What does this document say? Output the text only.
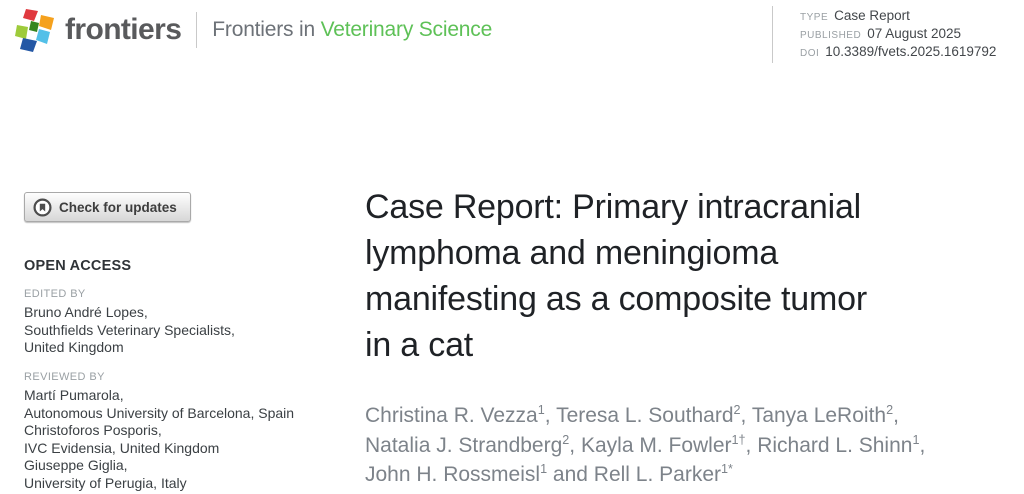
frontiers Frontiers in Veterinary Science
TYPE Case Report
PUBLISHED 07 August 2025
DOI 10.3389/fvets.2025.1619792
Check for updates
OPEN ACCESS
EDITED BY
Bruno André Lopes,
Southfields Veterinary Specialists,
United Kingdom
REVIEWED BY
Martí Pumarola,
Autonomous University of Barcelona, Spain
Christoforos Posporis,
IVC Evidensia, United Kingdom
Giuseppe Giglia,
University of Perugia, Italy
Case Report: Primary intracranial
lymphoma and meningioma
manifesting as a composite tumor
in a cat
Christina R. Vezza$^1$, Teresa L. Southard$^2$, Tanya LeRoith$^2$,
Natalia J. Strandberg$^2$, Kayla M. Fowler$^{1\dagger}$, Richard L. Shinn$^1$,
John H. Rossmeisl$^1$ and Rell L. Parker$^{1*}$
